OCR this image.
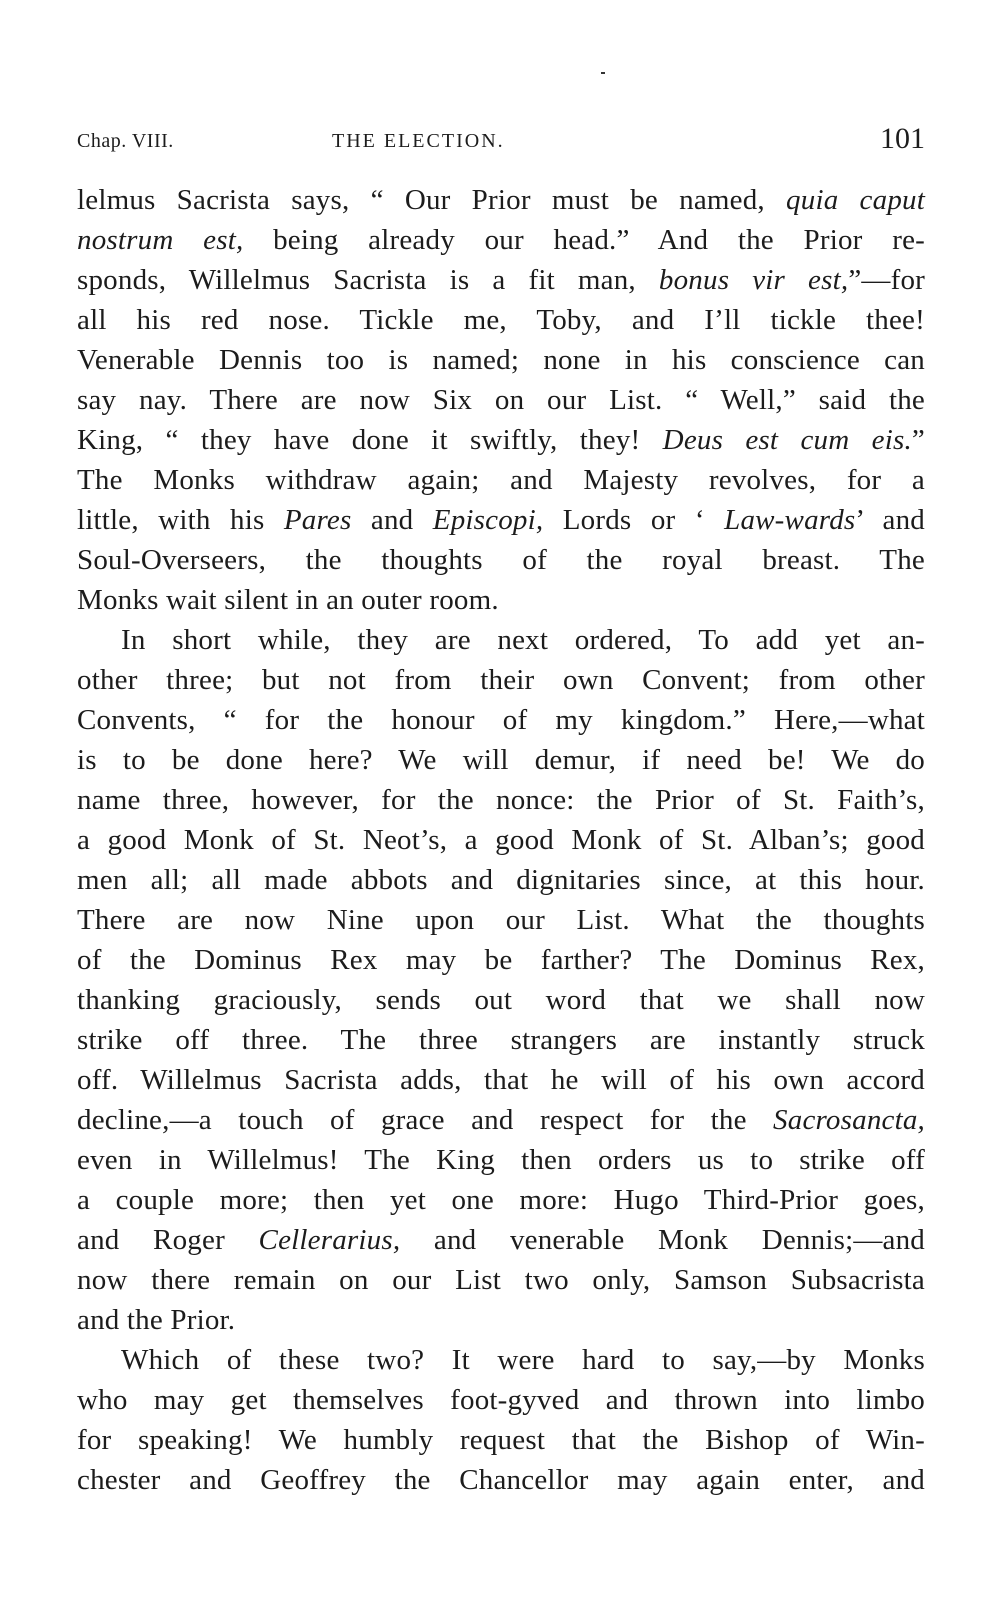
Chap. VIII.	THE ELECTION.	101
lelmus Sacrista says, “ Our Prior must be named, quia caput
nostrum est, being already our head.” And the Prior re-
sponds, Willelmus Sacrista is a fit man, bonus vir est,”—for
all his red nose. Tickle me, Toby, and I’ll tickle thee!
Venerable Dennis too is named; none in his conscience can
say nay. There are now Six on our List. “ Well,” said the
King, “ they have done it swiftly, they! Deus est cum eis.”
The Monks withdraw again; and Majesty revolves, for a
little, with his Pares and Episcopi, Lords or ‘ Law-wards’ and
Soul-Overseers, the thoughts of the royal breast. The
Monks wait silent in an outer room.
In short while, they are next ordered, To add yet an-
other three; but not from their own Convent; from other
Convents, “ for the honour of my kingdom.” Here,—what
is to be done here? We will demur, if need be! We do
name three, however, for the nonce: the Prior of St. Faith’s,
a good Monk of St. Neot’s, a good Monk of St. Alban’s; good
men all; all made abbots and dignitaries since, at this hour.
There are now Nine upon our List. What the thoughts
of the Dominus Rex may be farther? The Dominus Rex,
thanking graciously, sends out word that we shall now
strike off three. The three strangers are instantly struck
off. Willelmus Sacrista adds, that he will of his own accord
decline,—a touch of grace and respect for the Sacrosancta,
even in Willelmus! The King then orders us to strike off
a couple more; then yet one more: Hugo Third-Prior goes,
and Roger Cellerarius, and venerable Monk Dennis;—and
now there remain on our List two only, Samson Subsacrista
and the Prior.
Which of these two? It were hard to say,—by Monks
who may get themselves foot-gyved and thrown into limbo
for speaking! We humbly request that the Bishop of Win-
chester and Geoffrey the Chancellor may again enter, and
